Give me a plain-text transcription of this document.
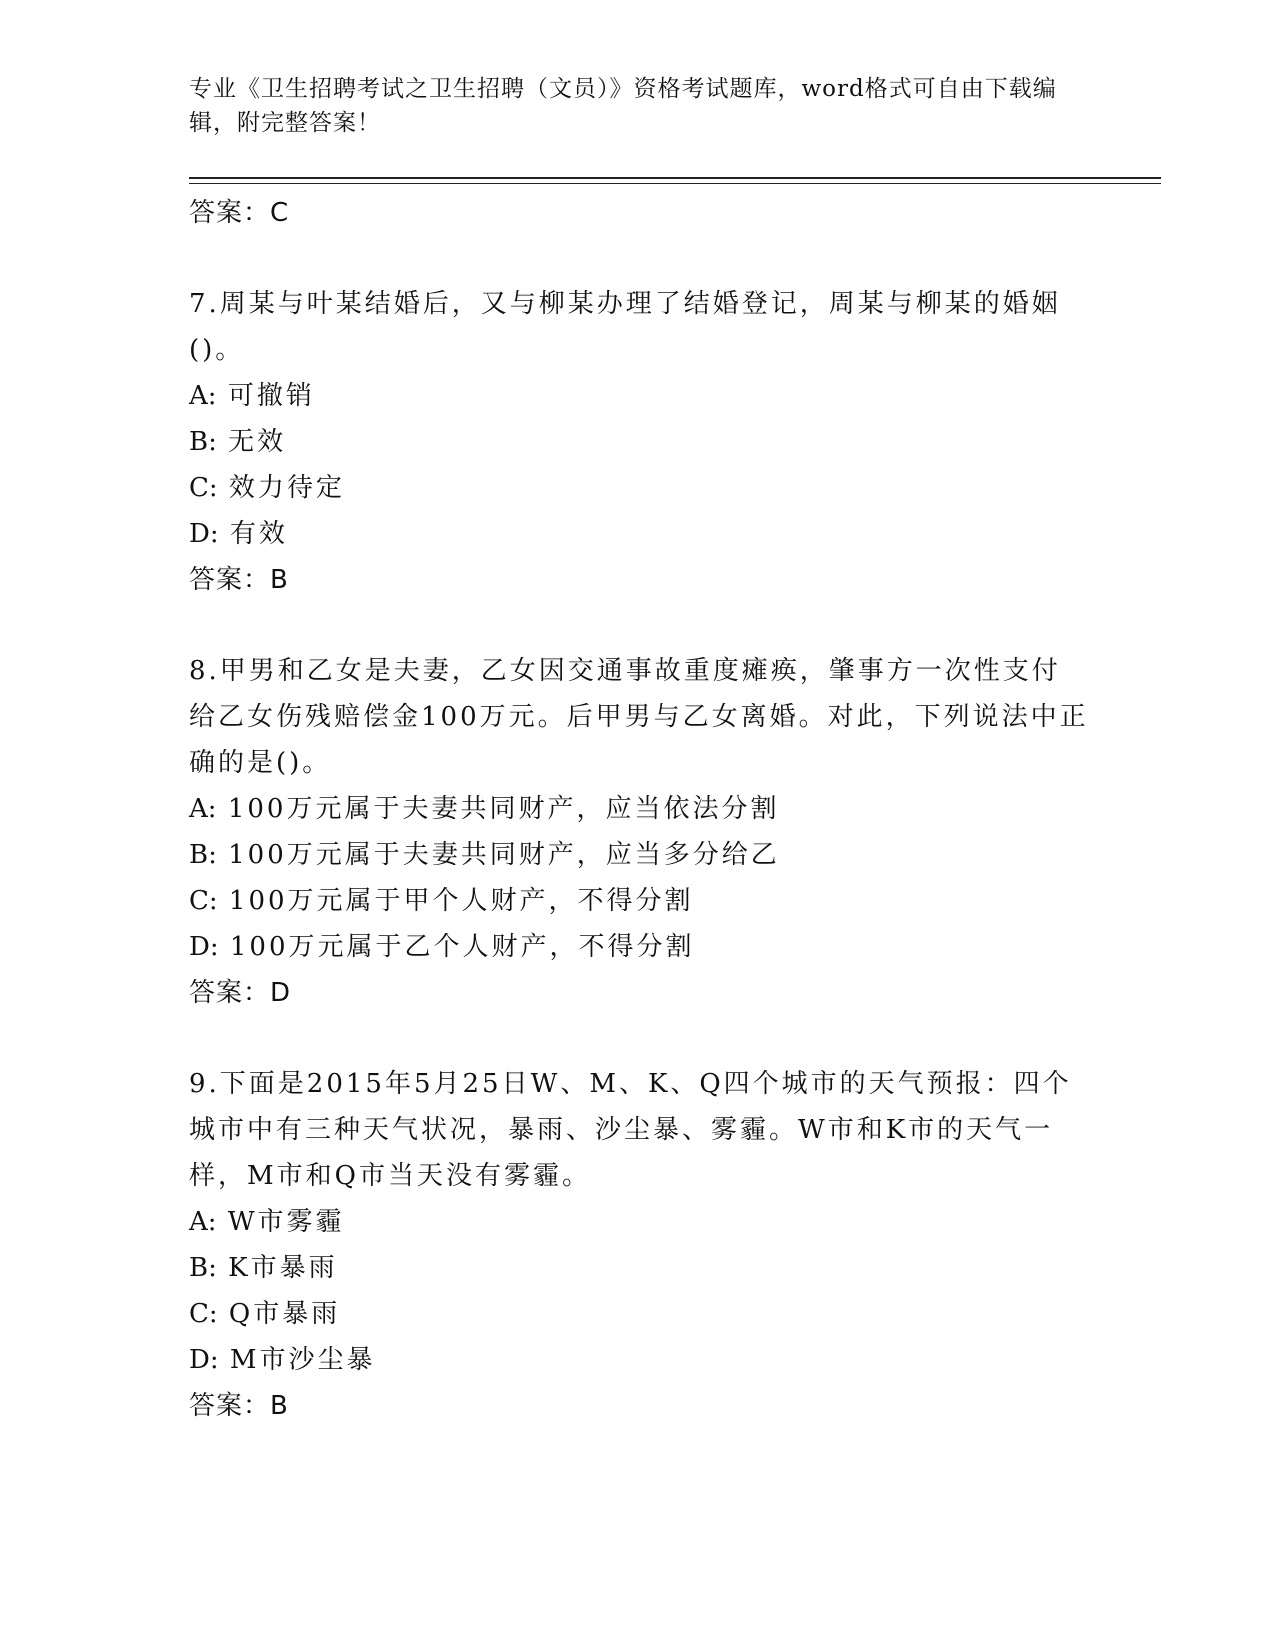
专业《卫生招聘考试之卫生招聘（文员）》资格考试题库，word格式可自由下载编辑，附完整答案！
答案：C
7.周某与叶某结婚后，又与柳某办理了结婚登记，周某与柳某的婚姻()。
A: 可撤销
B: 无效
C: 效力待定
D: 有效
答案：B
8.甲男和乙女是夫妻，乙女因交通事故重度瘫痪，肇事方一次性支付给乙女伤残赔偿金100万元。后甲男与乙女离婚。对此，下列说法中正确的是()。
A: 100万元属于夫妻共同财产，应当依法分割
B: 100万元属于夫妻共同财产，应当多分给乙
C: 100万元属于甲个人财产，不得分割
D: 100万元属于乙个人财产，不得分割
答案：D
9.下面是2015年5月25日W、M、K、Q四个城市的天气预报：四个城市中有三种天气状况，暴雨、沙尘暴、雾霾。W市和K市的天气一样，M市和Q市当天没有雾霾。
A: W市雾霾
B: K市暴雨
C: Q市暴雨
D: M市沙尘暴
答案：B
